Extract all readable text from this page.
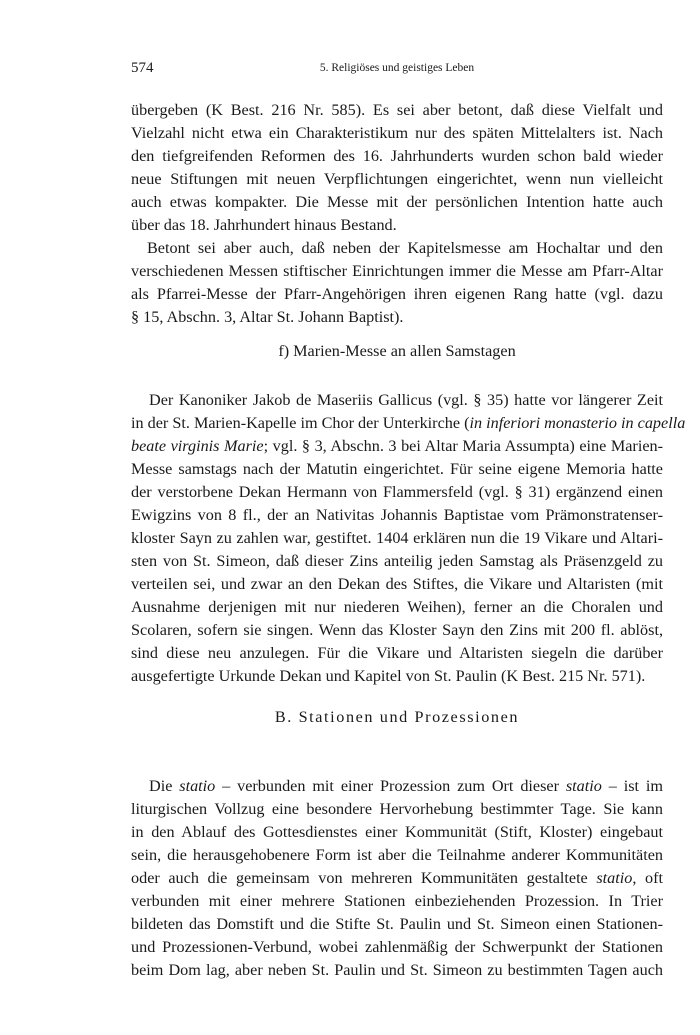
574	5. Religiöses und geistiges Leben
übergeben (K Best. 216 Nr. 585). Es sei aber betont, daß diese Vielfalt und
Vielzahl nicht etwa ein Charakteristikum nur des späten Mittelalters ist. Nach
den tiefgreifenden Reformen des 16. Jahrhunderts wurden schon bald wieder
neue Stiftungen mit neuen Verpflichtungen eingerichtet, wenn nun vielleicht
auch etwas kompakter. Die Messe mit der persönlichen Intention hatte auch
über das 18. Jahrhundert hinaus Bestand.
Betont sei aber auch, daß neben der Kapitelsmesse am Hochaltar und den
verschiedenen Messen stiftischer Einrichtungen immer die Messe am Pfarr-Altar
als Pfarrei-Messe der Pfarr-Angehörigen ihren eigenen Rang hatte (vgl. dazu
§ 15, Abschn. 3, Altar St. Johann Baptist).
f) Marien-Messe an allen Samstagen
Der Kanoniker Jakob de Maseriis Gallicus (vgl. § 35) hatte vor längerer Zeit
in der St. Marien-Kapelle im Chor der Unterkirche (in inferiori monasterio in capella
beate virginis Marie; vgl. § 3, Abschn. 3 bei Altar Maria Assumpta) eine Marien-
Messe samstags nach der Matutin eingerichtet. Für seine eigene Memoria hatte
der verstorbene Dekan Hermann von Flammersfeld (vgl. § 31) ergänzend einen
Ewigzins von 8 fl., der an Nativitas Johannis Baptistae vom Prämonstratenser-
kloster Sayn zu zahlen war, gestiftet. 1404 erklären nun die 19 Vikare und Altari-
sten von St. Simeon, daß dieser Zins anteilig jeden Samstag als Präsenzgeld zu
verteilen sei, und zwar an den Dekan des Stiftes, die Vikare und Altaristen (mit
Ausnahme derjenigen mit nur niederen Weihen), ferner an die Choralen und
Scolaren, sofern sie singen. Wenn das Kloster Sayn den Zins mit 200 fl. ablöst,
sind diese neu anzulegen. Für die Vikare und Altaristen siegeln die darüber
ausgefertigte Urkunde Dekan und Kapitel von St. Paulin (K Best. 215 Nr. 571).
B. Stationen und Prozessionen
Die statio – verbunden mit einer Prozession zum Ort dieser statio – ist im
liturgischen Vollzug eine besondere Hervorhebung bestimmter Tage. Sie kann
in den Ablauf des Gottesdienstes einer Kommunität (Stift, Kloster) eingebaut
sein, die herausgehobenere Form ist aber die Teilnahme anderer Kommunitäten
oder auch die gemeinsam von mehreren Kommunitäten gestaltete statio, oft
verbunden mit einer mehrere Stationen einbeziehenden Prozession. In Trier
bildeten das Domstift und die Stifte St. Paulin und St. Simeon einen Stationen-
und Prozessionen-Verbund, wobei zahlenmäßig der Schwerpunkt der Stationen
beim Dom lag, aber neben St. Paulin und St. Simeon zu bestimmten Tagen auch
